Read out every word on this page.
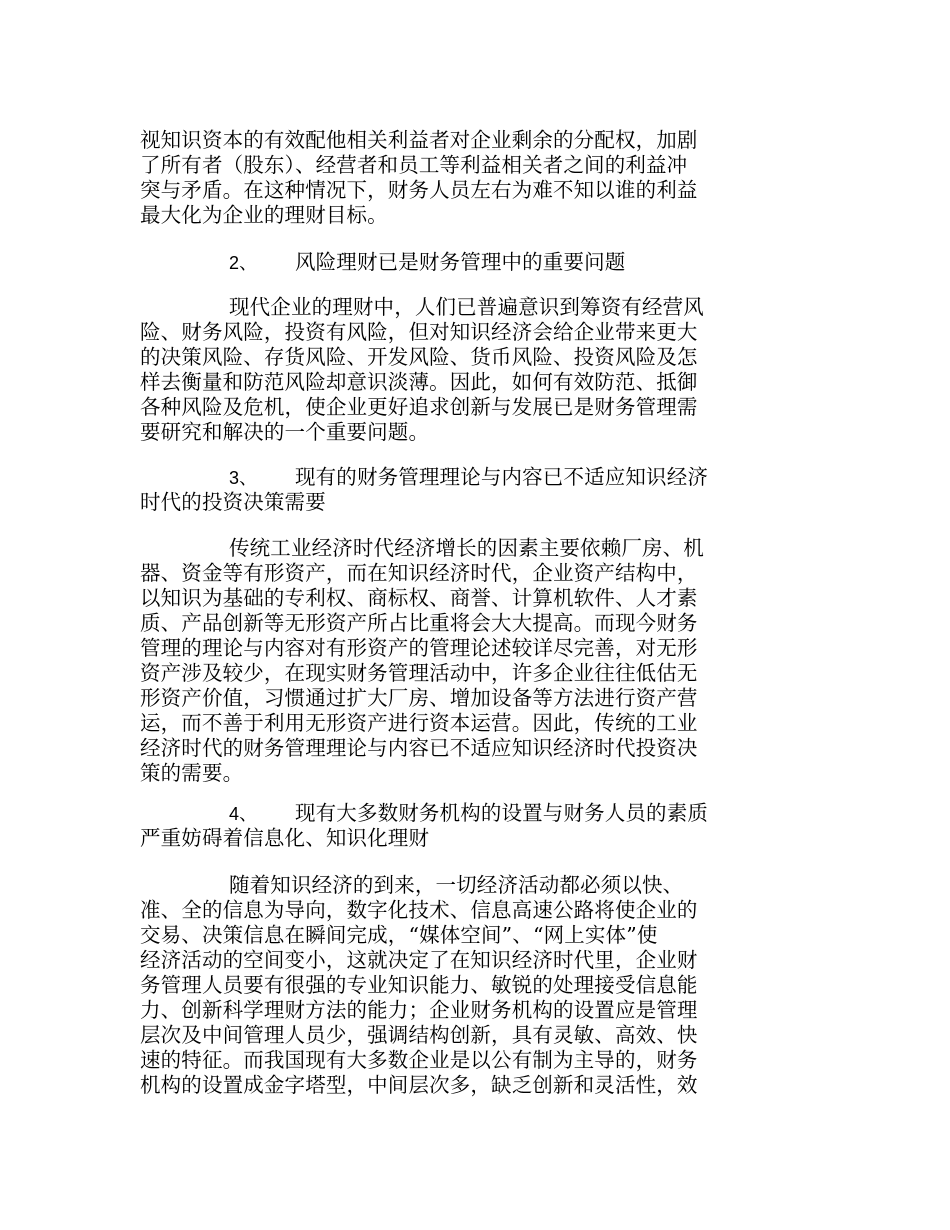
视知识资本的有效配他相关利益者对企业剩余的分配权，加剧
了所有者（股东）、经营者和员工等利益相关者之间的利益冲
突与矛盾。在这种情况下，财务人员左右为难不知以谁的利益
最大化为企业的理财目标。
2、 风险理财已是财务管理中的重要问题
现代企业的理财中，人们已普遍意识到筹资有经营风
险、财务风险，投资有风险，但对知识经济会给企业带来更大
的决策风险、存货风险、开发风险、货币风险、投资风险及怎
样去衡量和防范风险却意识淡薄。因此，如何有效防范、抵御
各种风险及危机，使企业更好追求创新与发展已是财务管理需
要研究和解决的一个重要问题。
3、 现有的财务管理理论与内容已不适应知识经济
时代的投资决策需要
传统工业经济时代经济增长的因素主要依赖厂房、机
器、资金等有形资产，而在知识经济时代，企业资产结构中，
以知识为基础的专利权、商标权、商誉、计算机软件、人才素
质、产品创新等无形资产所占比重将会大大提高。而现今财务
管理的理论与内容对有形资产的管理论述较详尽完善，对无形
资产涉及较少，在现实财务管理活动中，许多企业往往低估无
形资产价值，习惯通过扩大厂房、增加设备等方法进行资产营
运，而不善于利用无形资产进行资本运营。因此，传统的工业
经济时代的财务管理理论与内容已不适应知识经济时代投资决
策的需要。
4、 现有大多数财务机构的设置与财务人员的素质
严重妨碍着信息化、知识化理财
随着知识经济的到来，一切经济活动都必须以快、
准、全的信息为导向，数字化技术、信息高速公路将使企业的
交易、决策信息在瞬间完成，“媒体空间”、“网上实体”使
经济活动的空间变小，这就决定了在知识经济时代里，企业财
务管理人员要有很强的专业知识能力、敏锐的处理接受信息能
力、创新科学理财方法的能力；企业财务机构的设置应是管理
层次及中间管理人员少，强调结构创新，具有灵敏、高效、快
速的特征。而我国现有大多数企业是以公有制为主导的，财务
机构的设置成金字塔型，中间层次多，缺乏创新和灵活性，效
